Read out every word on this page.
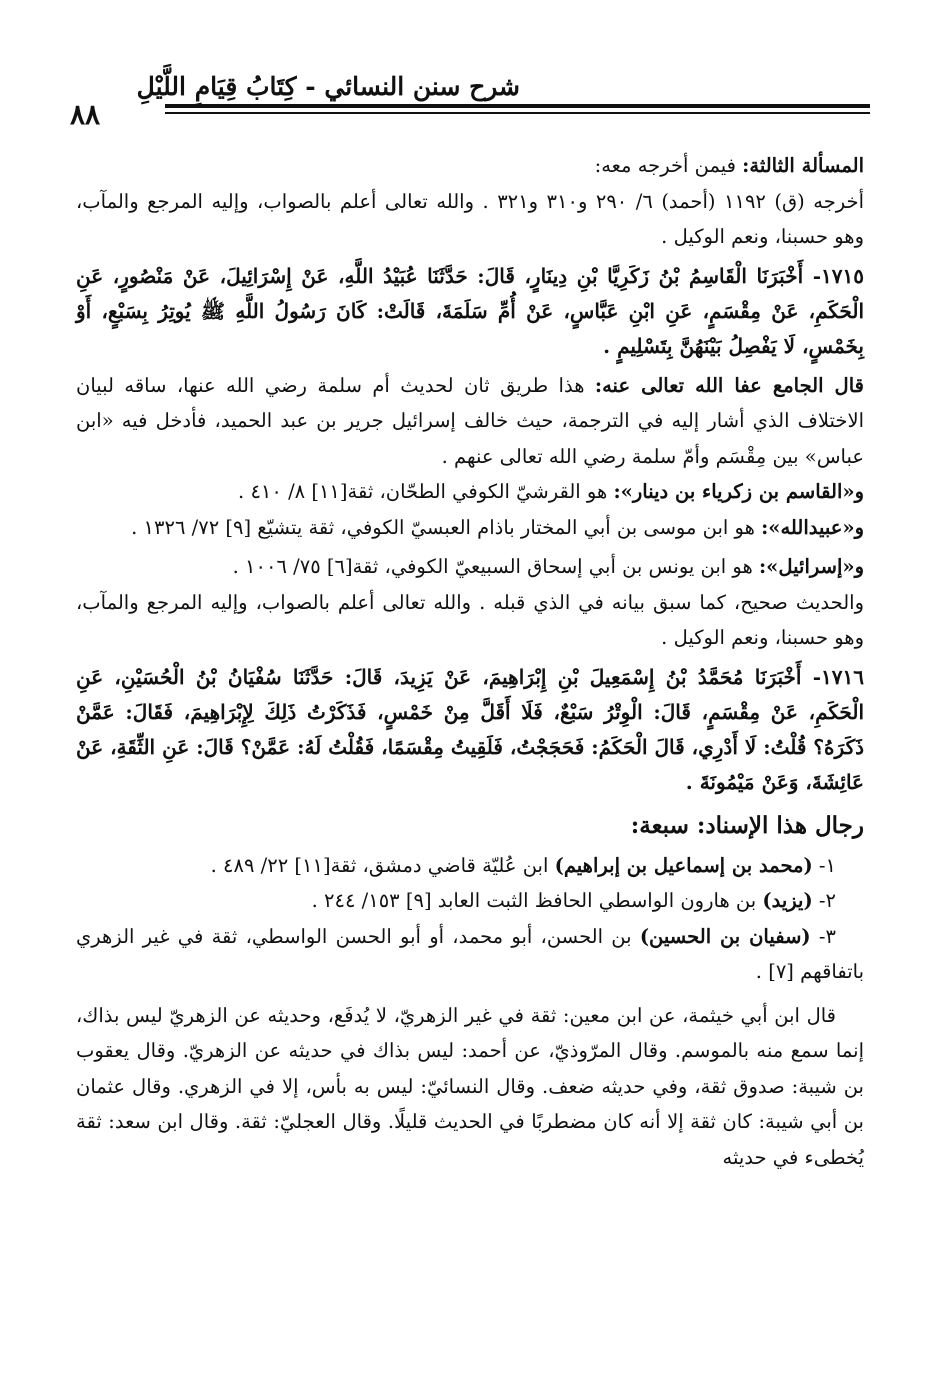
شرح سنن النسائي - كِتَابُ قِيَامِ اللَّيْلِ
٨٨

المسألة الثالثة: فيمن أخرجه معه:

أخرجه (ق) ١١٩٢ (أحمد) ٦/ ٢٩٠ و٣١٠ و٣٢١ . والله تعالى أعلم بالصواب، وإليه المرجع والمآب، وهو حسبنا، ونعم الوكيل .

١٧١٥- أَخْبَرَنَا الْقَاسِمُ بْنُ زَكَرِيَّا بْنِ دِينَارٍ، قَالَ: حَدَّثَنَا عُبَيْدُ اللَّهِ، عَنْ إِسْرَائِيلَ، عَنْ مَنْصُورٍ، عَنِ الْحَكَمِ، عَنْ مِقْسَمٍ، عَنِ ابْنِ عَبَّاسٍ، عَنْ أُمِّ سَلَمَةَ، قَالَتْ: كَانَ رَسُولُ اللَّهِ ﷺ يُوتِرُ بِسَبْعٍ، أَوْ بِخَمْسٍ، لَا يَفْصِلُ بَيْنَهُنَّ بِتَسْلِيمٍ .

قال الجامع عفا الله تعالى عنه: هذا طريق ثان لحديث أم سلمة رضي الله عنها، ساقه لبيان الاختلاف الذي أشار إليه في الترجمة، حيث خالف إسرائيل جرير بن عبد الحميد، فأدخل فيه «ابن عباس» بين مِقْسَم وأمّ سلمة رضي الله تعالى عنهم .

و«القاسم بن زكرياء بن دينار»: هو القرشيّ الكوفي الطحّان، ثقة[١١] ٨/ ٤١٠ .

و«عبيدالله»: هو ابن موسى بن أبي المختار باذام العبسيّ الكوفي، ثقة يتشيّع [٩] ٧٢/ ١٣٢٦ .

و«إسرائيل»: هو ابن يونس بن أبي إسحاق السبيعيّ الكوفي، ثقة[٦] ٧٥/ ١٠٠٦ .

والحديث صحيح، كما سبق بيانه في الذي قبله . والله تعالى أعلم بالصواب، وإليه المرجع والمآب، وهو حسبنا، ونعم الوكيل .

١٧١٦- أَخْبَرَنَا مُحَمَّدُ بْنُ إِسْمَعِيلَ بْنِ إِبْرَاهِيمَ، عَنْ يَزِيدَ، قَالَ: حَدَّثَنَا سُفْيَانُ بْنُ الْحُسَيْنِ، عَنِ الْحَكَمِ، عَنْ مِقْسَمٍ، قَالَ: الْوِتْرُ سَبْعٌ، فَلَا أَقَلَّ مِنْ خَمْسٍ، فَذَكَرْتُ ذَلِكَ لِإِبْرَاهِيمَ، فَقَالَ: عَمَّنْ ذَكَرَهُ؟ قُلْتُ: لَا أَدْرِي، قَالَ الْحَكَمُ: فَحَجَجْتُ، فَلَقِيتُ مِقْسَمًا، فَقُلْتُ لَهُ: عَمَّنْ؟ قَالَ: عَنِ الثِّقَةِ، عَنْ عَائِشَةَ، وَعَنْ مَيْمُونَةَ .

رجال هذا الإسناد: سبعة:

١- (محمد بن إسماعيل بن إبراهيم) ابن عُليّة قاضي دمشق، ثقة[١١] ٢٢/ ٤٨٩ .

٢- (يزيد) بن هارون الواسطي الحافظ الثبت العابد [٩] ١٥٣/ ٢٤٤ .

٣- (سفيان بن الحسين) بن الحسن، أبو محمد، أو أبو الحسن الواسطي، ثقة في غير الزهري باتفاقهم [٧] .

قال ابن أبي خيثمة، عن ابن معين: ثقة في غير الزهريّ، لا يُدفَع، وحديثه عن الزهريّ ليس بذاك، إنما سمع منه بالموسم. وقال المرّوذيّ، عن أحمد: ليس بذاك في حديثه عن الزهريّ. وقال يعقوب بن شيبة: صدوق ثقة، وفي حديثه ضعف. وقال النسائيّ: ليس به بأس، إلا في الزهري. وقال عثمان بن أبي شيبة: كان ثقة إلا أنه كان مضطربًا في الحديث قليلًا. وقال العجليّ: ثقة. وقال ابن سعد: ثقة يُخطىء في حديثه
